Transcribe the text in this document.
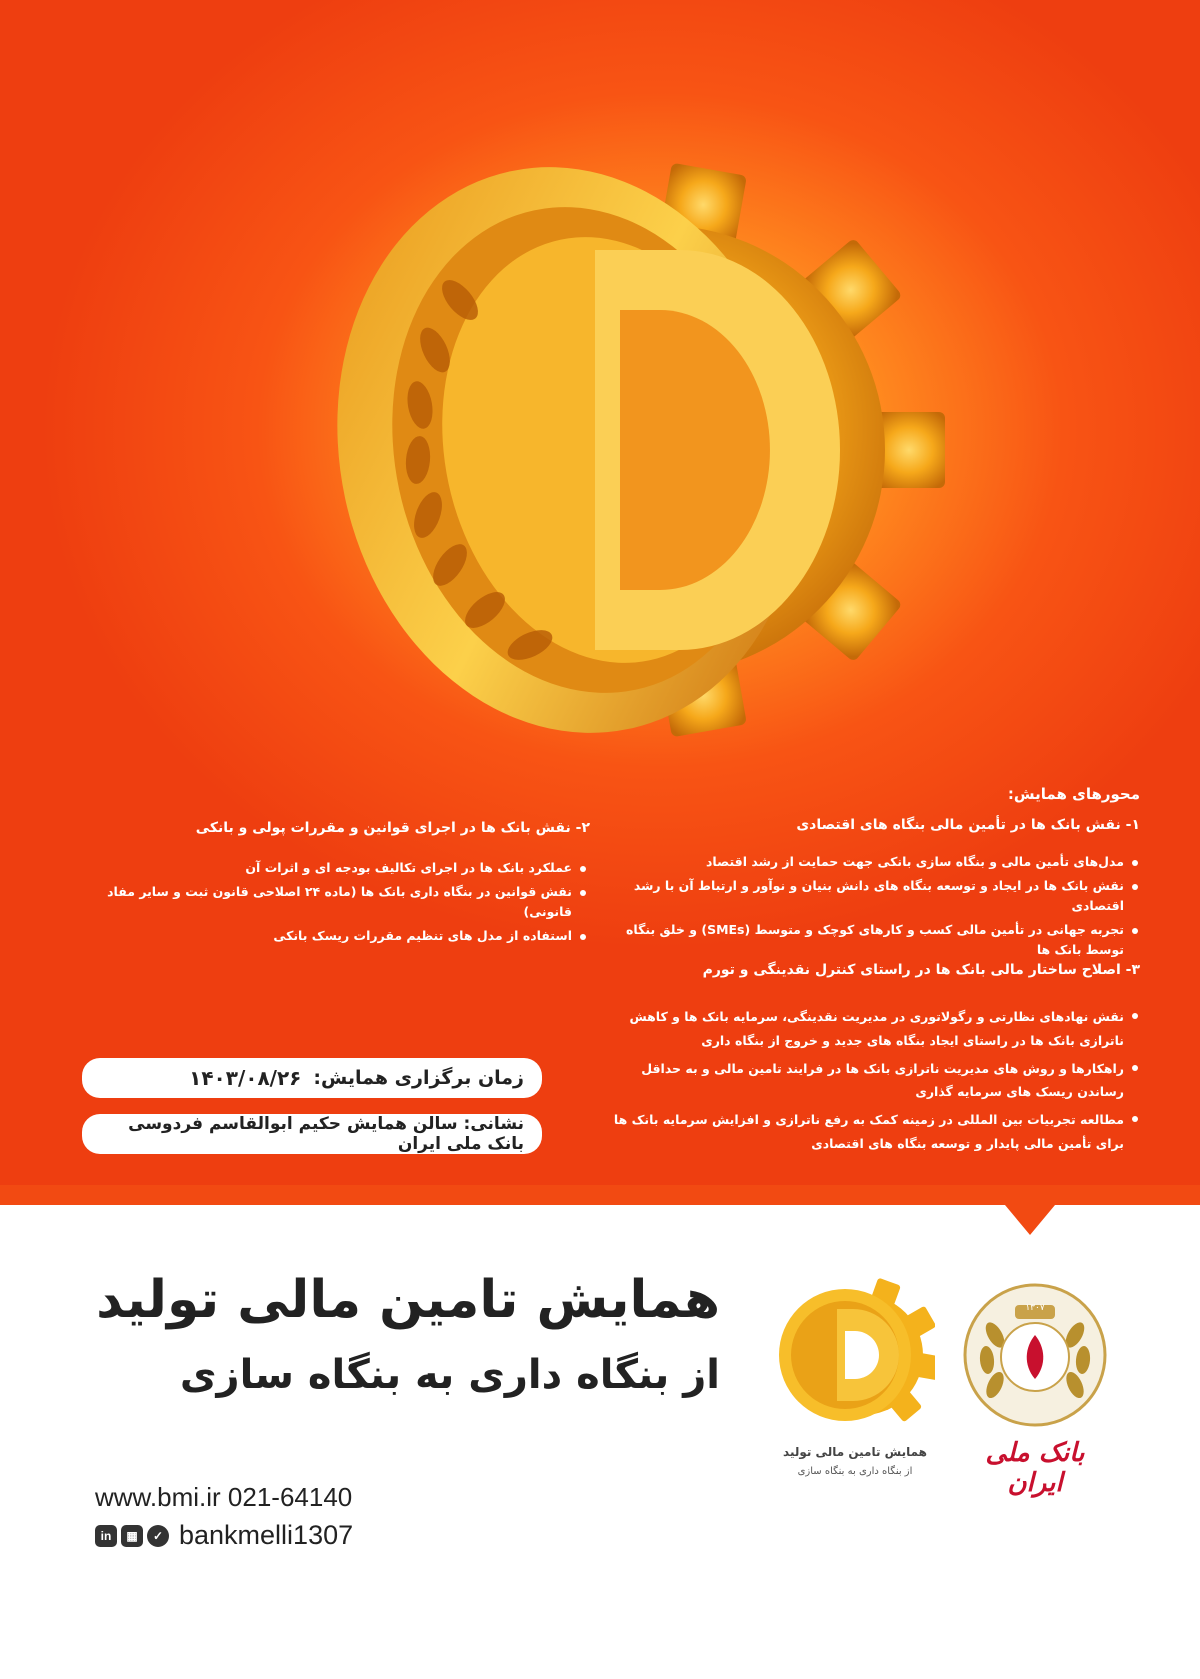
محورهای همایش:
۱- نقش بانک ها در تأمین مالی بنگاه های اقتصادی
مدل‌های تأمین مالی و بنگاه سازی بانکی جهت حمایت از رشد اقتصاد
نقش بانک ها در ایجاد و توسعه بنگاه های دانش بنیان و نوآور و ارتباط آن با رشد اقتصادی
تجربه جهانی در تأمین مالی کسب و کارهای کوچک و متوسط (SMEs) و خلق بنگاه توسط بانک ها
۲- نقش بانک ها در اجرای قوانین و مقررات پولی و بانکی
عملکرد بانک ها در اجرای تکالیف بودجه ای و اثرات آن
نقش قوانین در بنگاه داری بانک ها (ماده ۲۴ اصلاحی قانون ثبت و سایر مفاد قانونی)
استفاده از مدل های تنظیم مقررات ریسک بانکی
۳- اصلاح ساختار مالی بانک ها در راستای کنترل نقدینگی و تورم
نقش نهادهای نظارتی و رگولاتوری در مدیریت نقدینگی، سرمایه بانک ها و کاهش ناترازی بانک ها در راستای ایجاد بنگاه های جدید و خروج از بنگاه داری
راهکارها و روش های مدیریت ناترازی بانک ها در فرایند تامین مالی و به حداقل رساندن ریسک های سرمایه گذاری
مطالعه تجربیات بین المللی در زمینه کمک به رفع ناترازی و افزایش سرمایه بانک ها برای تأمین مالی پایدار و توسعه بنگاه های اقتصادی
زمان برگزاری همایش:
۱۴۰۳/۰۸/۲۶
نشانی: سالن همایش حکیم ابوالقاسم فردوسی بانک ملی ایران
همایش تامین مالی تولید
از بنگاه داری به بنگاه سازی
همایش تامین مالی تولید
از بنگاه داری به بنگاه سازی
۱۳۰۷
بانک ملی ایران
www.bmi.ir 021-64140
in	▦	✓ bankmelli1307
